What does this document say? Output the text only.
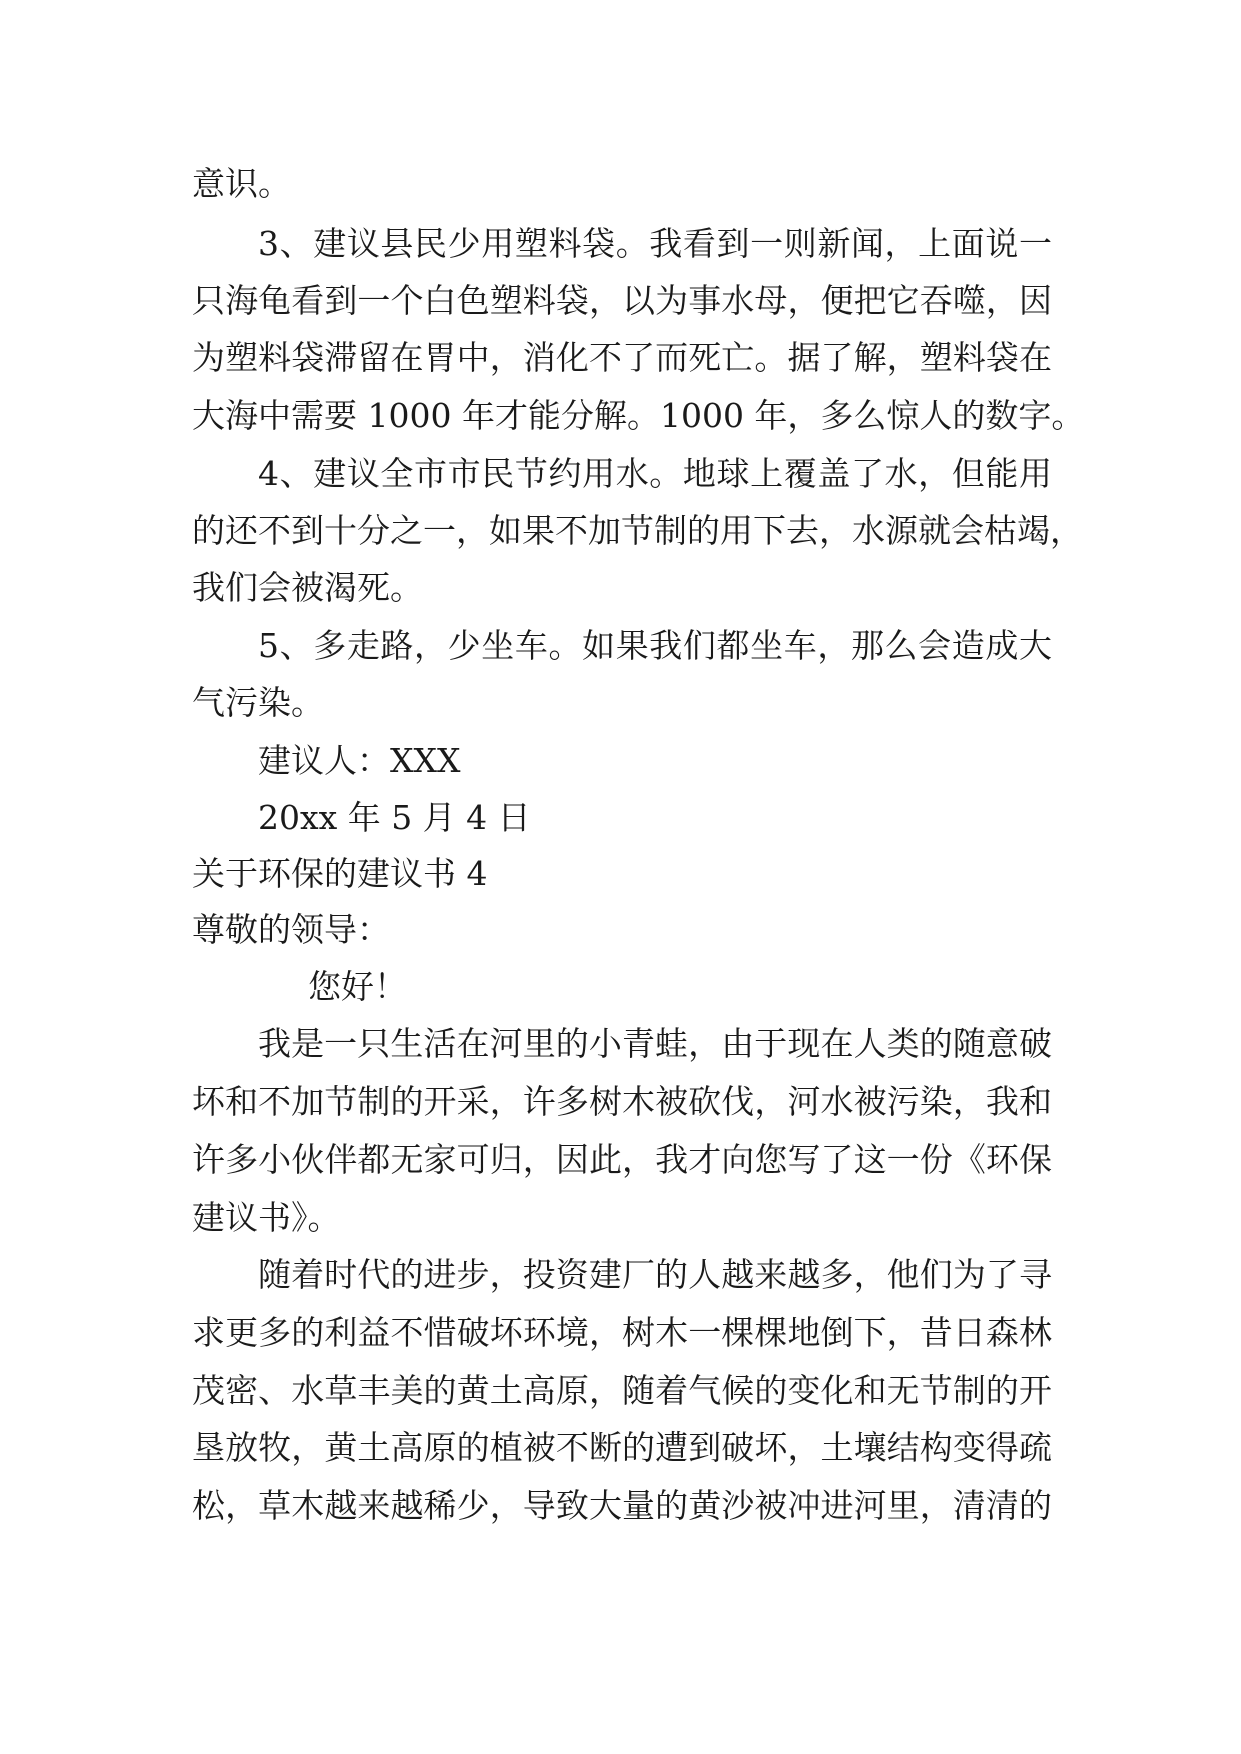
意识。
3、建议县民少用塑料袋。我看到一则新闻，上面说一
只海龟看到一个白色塑料袋，以为事水母，便把它吞噬，因
为塑料袋滞留在胃中，消化不了而死亡。据了解，塑料袋在
大海中需要 1000 年才能分解。1000 年，多么惊人的数字。
4、建议全市市民节约用水。地球上覆盖了水，但能用
的还不到十分之一，如果不加节制的用下去，水源就会枯竭，
我们会被渴死。
5、多走路，少坐车。如果我们都坐车，那么会造成大
气污染。
建议人：XXX
20xx 年 5 月 4 日
关于环保的建议书 4
尊敬的领导：
您好！
我是一只生活在河里的小青蛙，由于现在人类的随意破
坏和不加节制的开采，许多树木被砍伐，河水被污染，我和
许多小伙伴都无家可归，因此，我才向您写了这一份《环保
建议书》。
随着时代的进步，投资建厂的人越来越多，他们为了寻
求更多的利益不惜破坏环境，树木一棵棵地倒下，昔日森林
茂密、水草丰美的黄土高原，随着气候的变化和无节制的开
垦放牧，黄土高原的植被不断的遭到破坏，土壤结构变得疏
松，草木越来越稀少，导致大量的黄沙被冲进河里，清清的
